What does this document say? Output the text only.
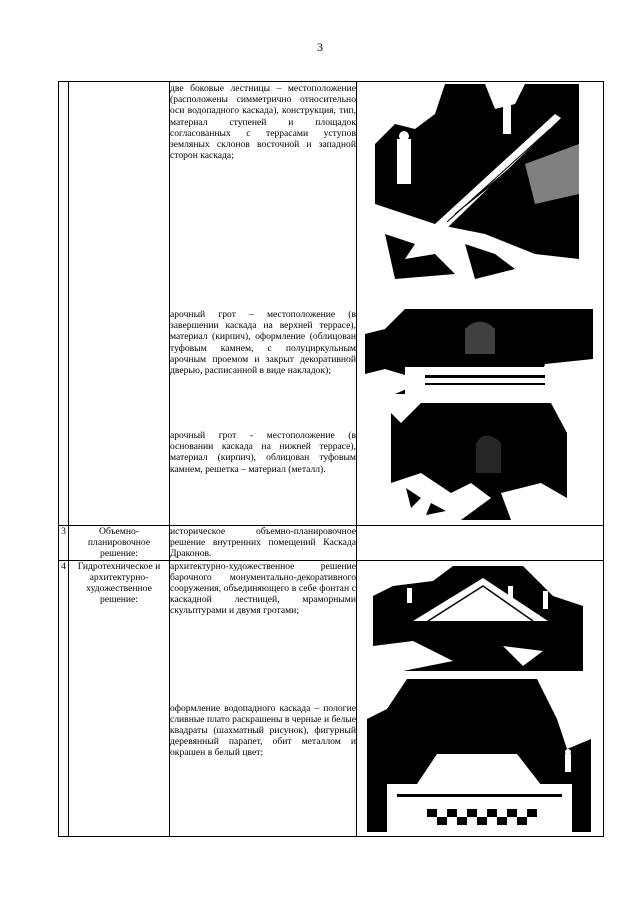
3

		две боковые лестницы – местоположение (расположены симметрично относительно оси водопадного каскада), конструкция, тип, материал ступеней и площадок согласованных с террасами уступов земляных склонов восточной и западной сторон каскада;
арочный грот – местоположение (в завершении каскада на верхней террасе), материал (кирпич), оформление (облицован туфовым камнем, с полуциркульным арочным проемом и закрыт декоративной дверью, расписанной в виде накладок);
арочный грот - местоположение (в основании каскада на нижней террасе), материал (кирпич), облицован туфовым камнем, решетка – материал (металл).

3	Объемно-планировочное решение:	историческое объемно-планировочное решение внутренних помещений Каскада Драконов.	

4	Гидротехническое и архитектурно-художественное решение:	архитектурно-художественное решение барочного монументально-декоративного сооружения, объединяющего в себе фонтан с каскадной лестницей, мраморными скульптурами и двумя гротами;
оформление водопадного каскада – пологие сливные плато раскрашены в черные и белые квадраты (шахматный рисунок), фигурный деревянный парапет, обит металлом и окрашен в белый цвет;
